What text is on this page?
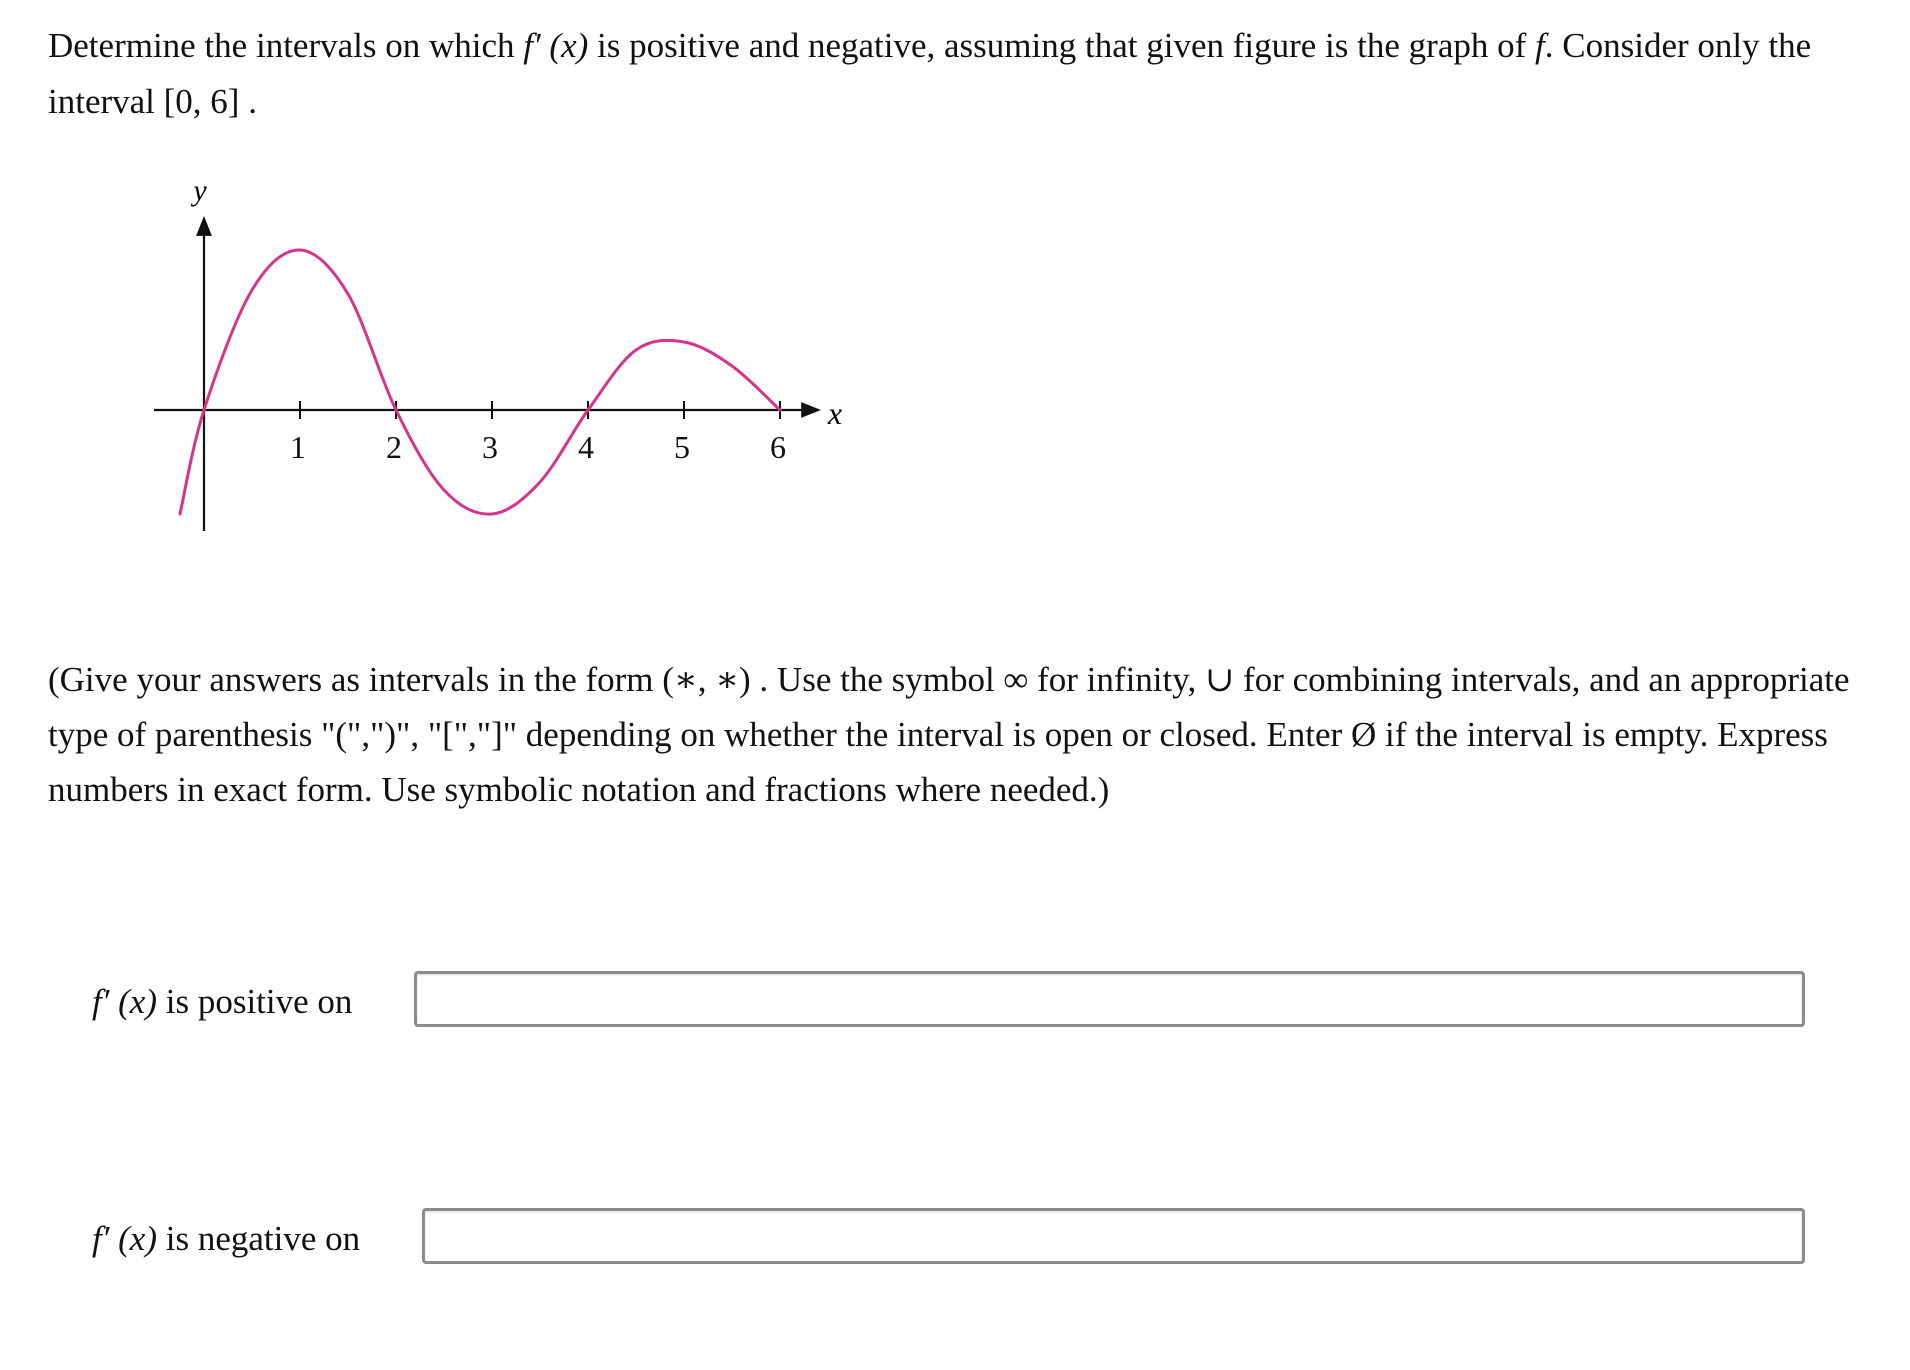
Determine the intervals on which f′ (x) is positive and negative, assuming that given figure is the graph of f. Consider only the interval [0, 6] .

y
x
1	2	3	4	5	6

(Give your answers as intervals in the form (∗, ∗) . Use the symbol ∞ for infinity, ∪ for combining intervals, and an appropriate type of parenthesis "(",")", "[","]" depending on whether the interval is open or closed. Enter Ø if the interval is empty. Express numbers in exact form. Use symbolic notation and fractions where needed.)

f′ (x) is positive on
f′ (x) is negative on
